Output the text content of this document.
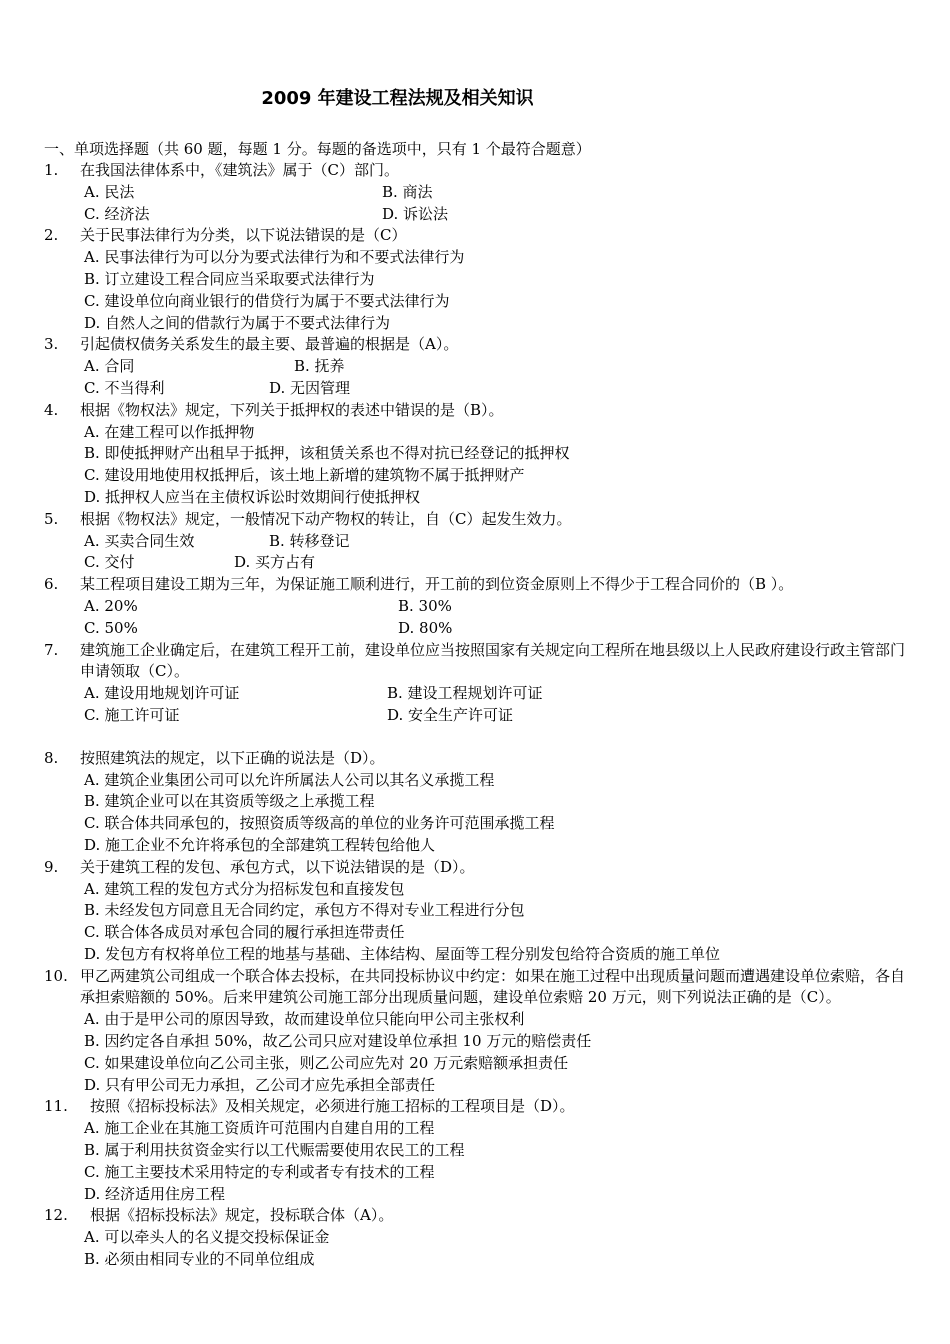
2009 年建设工程法规及相关知识
一、单项选择题（共 60 题，每题 1 分。每题的备选项中，只有 1 个最符合题意）
1.	在我国法律体系中，《建筑法》属于（C）部门。
A. 民法	B. 商法
C. 经济法	D. 诉讼法
2.	关于民事法律行为分类，以下说法错误的是（C）
A. 民事法律行为可以分为要式法律行为和不要式法律行为
B. 订立建设工程合同应当采取要式法律行为
C. 建设单位向商业银行的借贷行为属于不要式法律行为
D. 自然人之间的借款行为属于不要式法律行为
3.	引起债权债务关系发生的最主要、最普遍的根据是（A）。
A. 合同	B. 抚养
C. 不当得利	D. 无因管理
4.	根据《物权法》规定，下列关于抵押权的表述中错误的是（B）。
A. 在建工程可以作抵押物
B. 即使抵押财产出租早于抵押，该租赁关系也不得对抗已经登记的抵押权
C. 建设用地使用权抵押后，该土地上新增的建筑物不属于抵押财产
D. 抵押权人应当在主债权诉讼时效期间行使抵押权
5.	根据《物权法》规定，一般情况下动产物权的转让，自（C）起发生效力。
A. 买卖合同生效	B. 转移登记
C. 交付	D. 买方占有
6.	某工程项目建设工期为三年，为保证施工顺利进行，开工前的到位资金原则上不得少于工程合同价的（B ）。
A. 20%	B. 30%
C. 50%	D. 80%
7.	建筑施工企业确定后，在建筑工程开工前，建设单位应当按照国家有关规定向工程所在地县级以上人民政府建设行政主管部门申请领取（C）。
A. 建设用地规划许可证	B. 建设工程规划许可证
C. 施工许可证	D. 安全生产许可证
8.	按照建筑法的规定，以下正确的说法是（D）。
A. 建筑企业集团公司可以允许所属法人公司以其名义承揽工程
B. 建筑企业可以在其资质等级之上承揽工程
C. 联合体共同承包的，按照资质等级高的单位的业务许可范围承揽工程
D. 施工企业不允许将承包的全部建筑工程转包给他人
9.	关于建筑工程的发包、承包方式，以下说法错误的是（D）。
A. 建筑工程的发包方式分为招标发包和直接发包
B. 未经发包方同意且无合同约定，承包方不得对专业工程进行分包
C. 联合体各成员对承包合同的履行承担连带责任
D. 发包方有权将单位工程的地基与基础、主体结构、屋面等工程分别发包给符合资质的施工单位
10. 甲乙两建筑公司组成一个联合体去投标，在共同投标协议中约定：如果在施工过程中出现质量问题而遭遇建设单位索赔，各自承担索赔额的 50%。后来甲建筑公司施工部分出现质量问题，建设单位索赔 20 万元，则下列说法正确的是（C）。
A. 由于是甲公司的原因导致，故而建设单位只能向甲公司主张权利
B. 因约定各自承担 50%，故乙公司只应对建设单位承担 10 万元的赔偿责任
C. 如果建设单位向乙公司主张，则乙公司应先对 20 万元索赔额承担责任
D. 只有甲公司无力承担，乙公司才应先承担全部责任
11.	按照《招标投标法》及相关规定，必须进行施工招标的工程项目是（D）。
A. 施工企业在其施工资质许可范围内自建自用的工程
B. 属于利用扶贫资金实行以工代赈需要使用农民工的工程
C. 施工主要技术采用特定的专利或者专有技术的工程
D. 经济适用住房工程
12.	根据《招标投标法》规定，投标联合体（A）。
A. 可以牵头人的名义提交投标保证金
B. 必须由相同专业的不同单位组成
